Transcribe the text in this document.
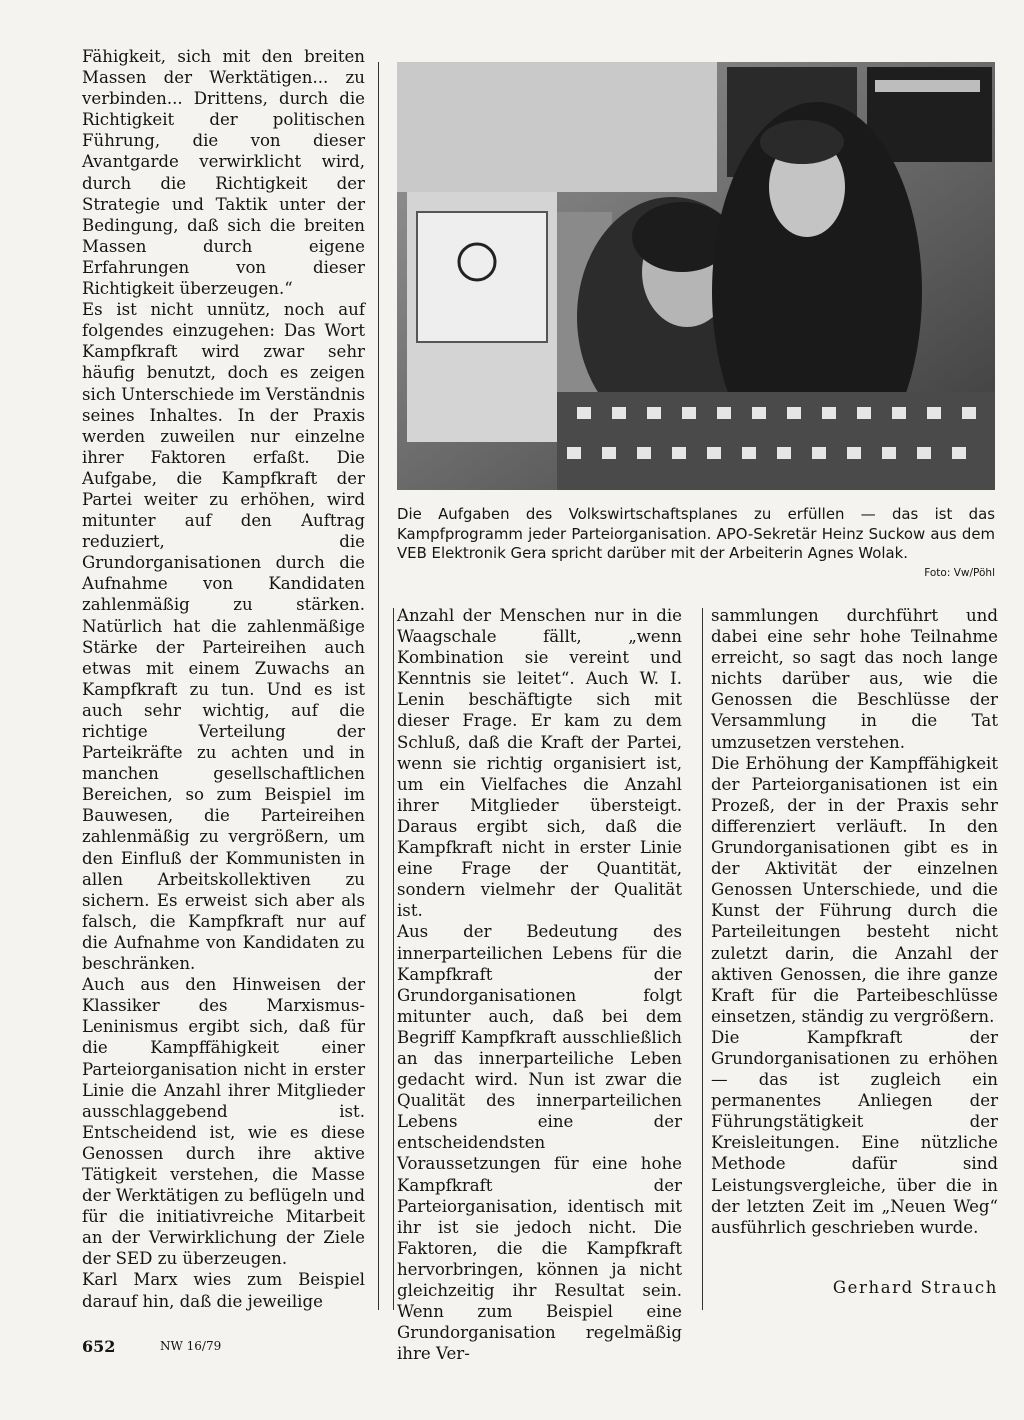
Fähigkeit, sich mit den breiten Massen der Werktätigen... zu verbinden... Drittens, durch die Richtigkeit der politischen Führung, die von dieser Avantgarde verwirklicht wird, durch die Richtigkeit der Strategie und Taktik unter der Bedingung, daß sich die breiten Massen durch eigene Erfahrungen von dieser Richtigkeit überzeugen.“

Es ist nicht unnütz, noch auf folgendes einzugehen: Das Wort Kampfkraft wird zwar sehr häufig benutzt, doch es zeigen sich Unterschiede im Verständnis seines Inhaltes. In der Praxis werden zuweilen nur einzelne ihrer Faktoren erfaßt. Die Aufgabe, die Kampfkraft der Partei weiter zu erhöhen, wird mitunter auf den Auftrag reduziert, die Grundorganisationen durch die Aufnahme von Kandidaten zahlenmäßig zu stärken. Natürlich hat die zahlenmäßige Stärke der Parteireihen auch etwas mit einem Zuwachs an Kampfkraft zu tun. Und es ist auch sehr wichtig, auf die richtige Verteilung der Parteikräfte zu achten und in manchen gesellschaftlichen Bereichen, so zum Beispiel im Bauwesen, die Parteireihen zahlenmäßig zu vergrößern, um den Einfluß der Kommunisten in allen Arbeitskollektiven zu sichern. Es erweist sich aber als falsch, die Kampfkraft nur auf die Aufnahme von Kandidaten zu beschränken.

Auch aus den Hinweisen der Klassiker des Marxismus-Leninismus ergibt sich, daß für die Kampffähigkeit einer Parteiorganisation nicht in erster Linie die Anzahl ihrer Mitglieder ausschlaggebend ist. Entscheidend ist, wie es diese Genossen durch ihre aktive Tätigkeit verstehen, die Masse der Werktätigen zu beflügeln und für die initiativreiche Mitarbeit an der Verwirklichung der Ziele der SED zu überzeugen.

Karl Marx wies zum Beispiel darauf hin, daß die jeweilige

Die Aufgaben des Volkswirtschaftsplanes zu erfüllen — das ist das Kampfprogramm jeder Parteiorganisation. APO-Sekretär Heinz Suckow aus dem VEB Elektronik Gera spricht darüber mit der Arbeiterin Agnes Wolak.
Foto: Vw/Pöhl

Anzahl der Menschen nur in die Waagschale fällt, „wenn Kombination sie vereint und Kenntnis sie leitet“. Auch W. I. Lenin beschäftigte sich mit dieser Frage. Er kam zu dem Schluß, daß die Kraft der Partei, wenn sie richtig organisiert ist, um ein Vielfaches die Anzahl ihrer Mitglieder übersteigt. Daraus ergibt sich, daß die Kampfkraft nicht in erster Linie eine Frage der Quantität, sondern vielmehr der Qualität ist.

Aus der Bedeutung des innerparteilichen Lebens für die Kampfkraft der Grundorganisationen folgt mitunter auch, daß bei dem Begriff Kampfkraft ausschließlich an das innerparteiliche Leben gedacht wird. Nun ist zwar die Qualität des innerparteilichen Lebens eine der entscheidendsten Voraussetzungen für eine hohe Kampfkraft der Parteiorganisation, identisch mit ihr ist sie jedoch nicht. Die Faktoren, die die Kampfkraft hervorbringen, können ja nicht gleichzeitig ihr Resultat sein. Wenn zum Beispiel eine Grundorganisation regelmäßig ihre Ver-

sammlungen durchführt und dabei eine sehr hohe Teilnahme erreicht, so sagt das noch lange nichts darüber aus, wie die Genossen die Beschlüsse der Versammlung in die Tat umzusetzen verstehen.

Die Erhöhung der Kampffähigkeit der Parteiorganisationen ist ein Prozeß, der in der Praxis sehr differenziert verläuft. In den Grundorganisationen gibt es in der Aktivität der einzelnen Genossen Unterschiede, und die Kunst der Führung durch die Parteileitungen besteht nicht zuletzt darin, die Anzahl der aktiven Genossen, die ihre ganze Kraft für die Parteibeschlüsse einsetzen, ständig zu vergrößern.

Die Kampfkraft der Grundorganisationen zu erhöhen — das ist zugleich ein permanentes Anliegen der Führungstätigkeit der Kreisleitungen. Eine nützliche Methode dafür sind Leistungsvergleiche, über die in der letzten Zeit im „Neuen Weg“ ausführlich geschrieben wurde.

Gerhard Strauch
652	NW 16/79
